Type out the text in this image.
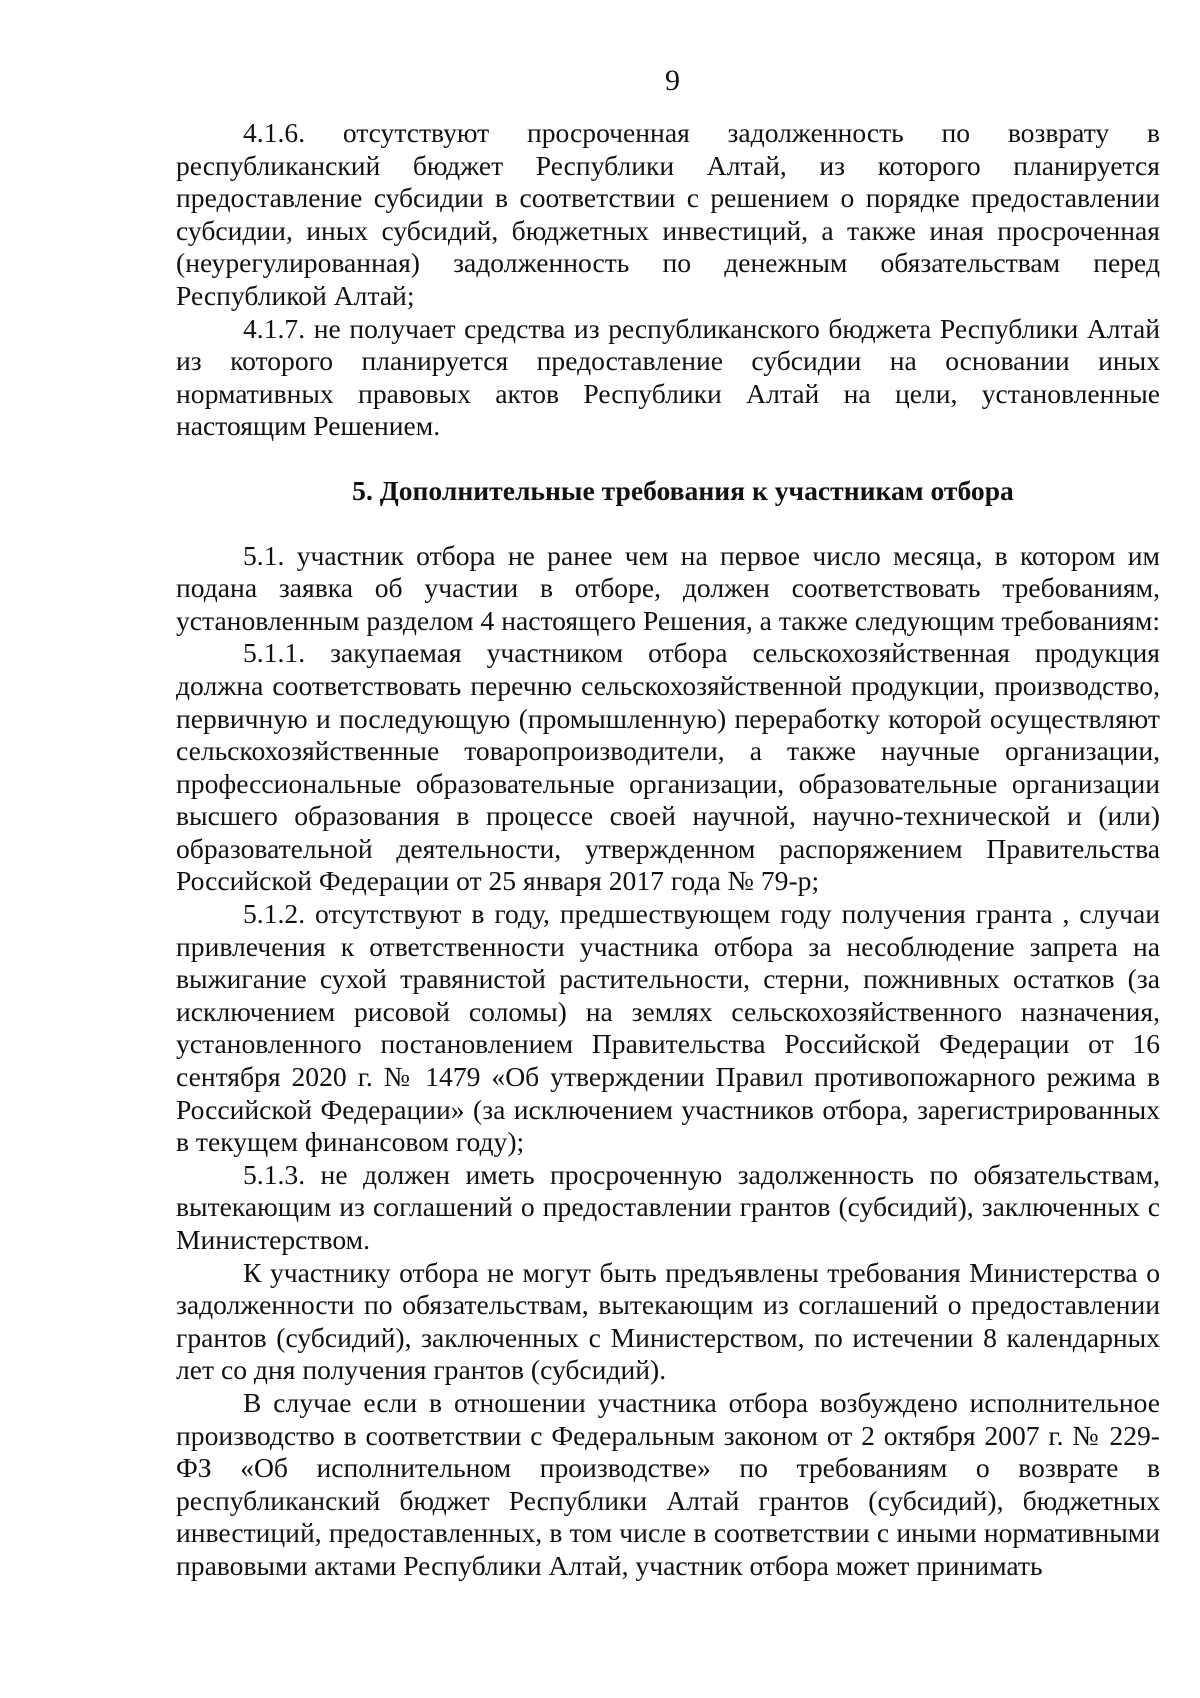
9

4.1.6. отсутствуют просроченная задолженность по возврату в республиканский бюджет Республики Алтай, из которого планируется предоставление субсидии в соответствии с решением о порядке предоставлении субсидии, иных субсидий, бюджетных инвестиций, а также иная просроченная (неурегулированная) задолженность по денежным обязательствам перед Республикой Алтай;

4.1.7. не получает средства из республиканского бюджета Республики Алтай из которого планируется предоставление субсидии на основании иных нормативных правовых актов Республики Алтай на цели, установленные настоящим Решением.

5. Дополнительные требования к участникам отбора

5.1. участник отбора не ранее чем на первое число месяца, в котором им подана заявка об участии в отборе, должен соответствовать требованиям, установленным разделом 4 настоящего Решения, а также следующим требованиям:

5.1.1. закупаемая участником отбора сельскохозяйственная продукция должна соответствовать перечню сельскохозяйственной продукции, производство, первичную и последующую (промышленную) переработку которой осуществляют сельскохозяйственные товаропроизводители, а также научные организации, профессиональные образовательные организации, образовательные организации высшего образования в процессе своей научной, научно-технической и (или) образовательной деятельности, утвержденном распоряжением Правительства Российской Федерации от 25 января 2017 года № 79-р;

5.1.2. отсутствуют в году, предшествующем году получения гранта , случаи привлечения к ответственности участника отбора за несоблюдение запрета на выжигание сухой травянистой растительности, стерни, пожнивных остатков (за исключением рисовой соломы) на землях сельскохозяйственного назначения, установленного постановлением Правительства Российской Федерации от 16 сентября 2020 г. № 1479 «Об утверждении Правил противопожарного режима в Российской Федерации» (за исключением участников отбора, зарегистрированных в текущем финансовом году);

5.1.3. не должен иметь просроченную задолженность по обязательствам, вытекающим из соглашений о предоставлении грантов (субсидий), заключенных с Министерством.

К участнику отбора не могут быть предъявлены требования Министерства о задолженности по обязательствам, вытекающим из соглашений о предоставлении грантов (субсидий), заключенных с Министерством, по истечении 8 календарных лет со дня получения грантов (субсидий).

В случае если в отношении участника отбора возбуждено исполнительное производство в соответствии с Федеральным законом от 2 октября 2007 г. № 229-ФЗ «Об исполнительном производстве» по требованиям о возврате в республиканский бюджет Республики Алтай грантов (субсидий), бюджетных инвестиций, предоставленных, в том числе в соответствии с иными нормативными правовыми актами Республики Алтай, участник отбора может принимать
